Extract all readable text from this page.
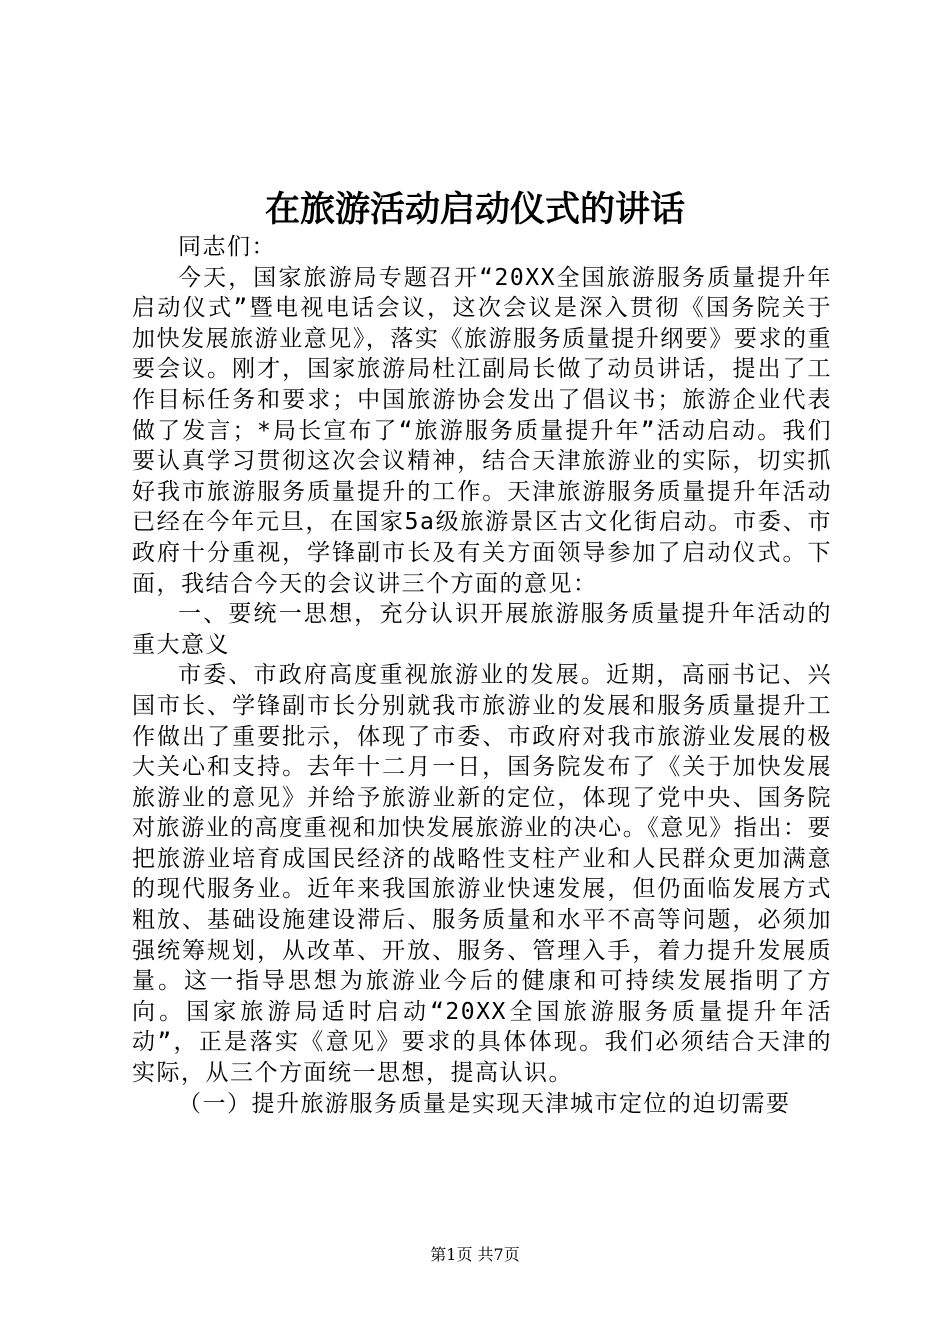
在旅游活动启动仪式的讲话

同志们：

今天，国家旅游局专题召开“20XX全国旅游服务质量提升年启动仪式”暨电视电话会议，这次会议是深入贯彻《国务院关于加快发展旅游业意见》，落实《旅游服务质量提升纲要》要求的重要会议。刚才，国家旅游局杜江副局长做了动员讲话，提出了工作目标任务和要求；中国旅游协会发出了倡议书；旅游企业代表做了发言；*局长宣布了“旅游服务质量提升年”活动启动。我们要认真学习贯彻这次会议精神，结合天津旅游业的实际，切实抓好我市旅游服务质量提升的工作。天津旅游服务质量提升年活动已经在今年元旦，在国家5a级旅游景区古文化街启动。市委、市政府十分重视，学锋副市长及有关方面领导参加了启动仪式。下面，我结合今天的会议讲三个方面的意见：

一、要统一思想，充分认识开展旅游服务质量提升年活动的重大意义

市委、市政府高度重视旅游业的发展。近期，高丽书记、兴国市长、学锋副市长分别就我市旅游业的发展和服务质量提升工作做出了重要批示，体现了市委、市政府对我市旅游业发展的极大关心和支持。去年十二月一日，国务院发布了《关于加快发展旅游业的意见》并给予旅游业新的定位，体现了党中央、国务院对旅游业的高度重视和加快发展旅游业的决心。《意见》指出：要把旅游业培育成国民经济的战略性支柱产业和人民群众更加满意的现代服务业。近年来我国旅游业快速发展，但仍面临发展方式粗放、基础设施建设滞后、服务质量和水平不高等问题，必须加强统筹规划，从改革、开放、服务、管理入手，着力提升发展质量。这一指导思想为旅游业今后的健康和可持续发展指明了方向。国家旅游局适时启动“20XX全国旅游服务质量提升年活动”，正是落实《意见》要求的具体体现。我们必须结合天津的实际，从三个方面统一思想，提高认识。

（一）提升旅游服务质量是实现天津城市定位的迫切需要

第1页 共7页
